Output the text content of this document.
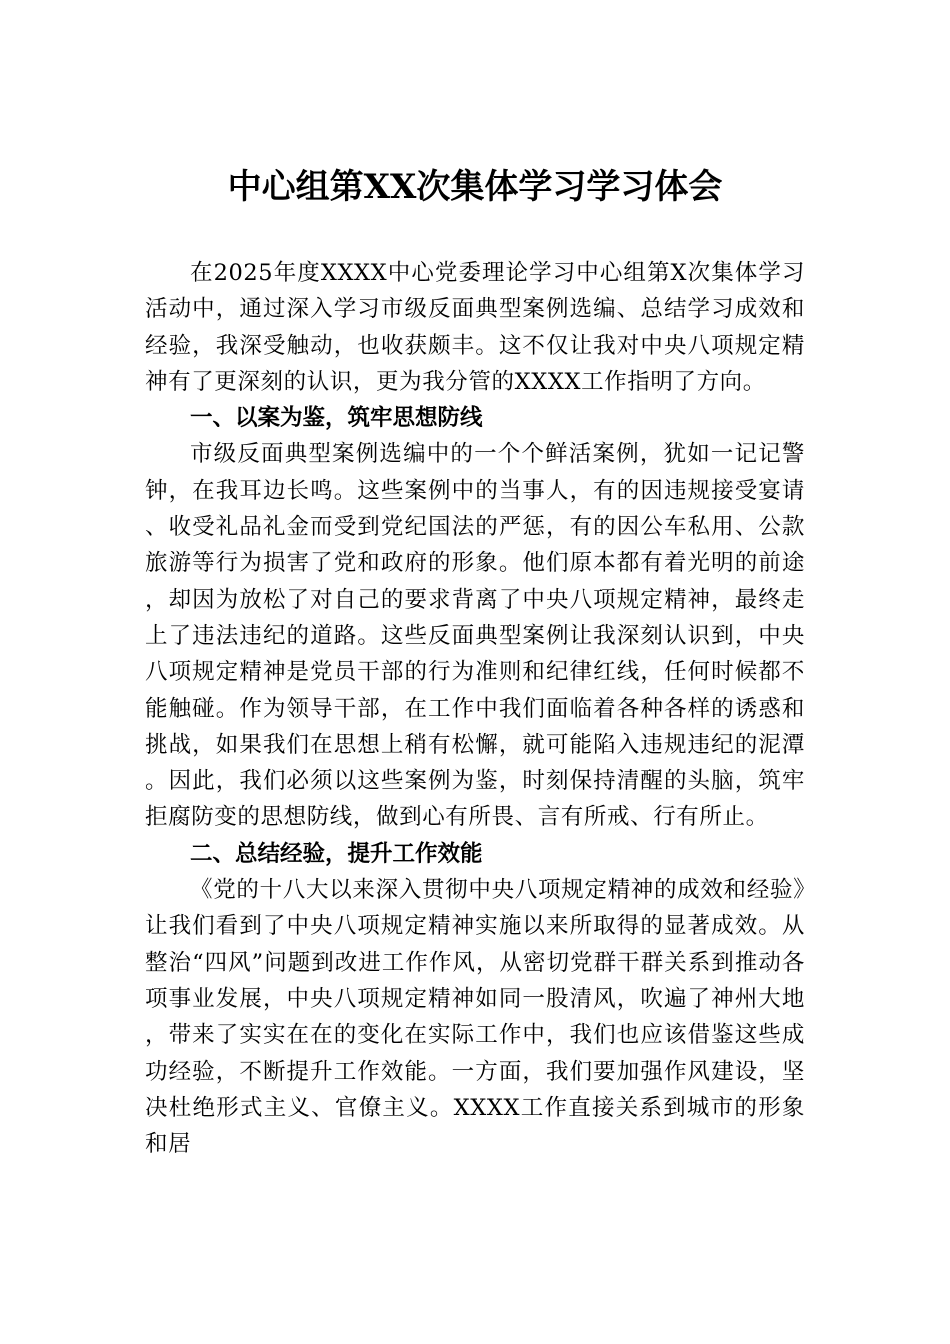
中心组第XX次集体学习学习体会

在2025年度XXXX中心党委理论学习中心组第X次集体学习活动中，通过深入学习市级反面典型案例选编、总结学习成效和经验，我深受触动，也收获颇丰。这不仅让我对中央八项规定精神有了更深刻的认识，更为我分管的XXXX工作指明了方向。

一、以案为鉴，筑牢思想防线

市级反面典型案例选编中的一个个鲜活案例，犹如一记记警钟，在我耳边长鸣。这些案例中的当事人，有的因违规接受宴请、收受礼品礼金而受到党纪国法的严惩，有的因公车私用、公款旅游等行为损害了党和政府的形象。他们原本都有着光明的前途，却因为放松了对自己的要求背离了中央八项规定精神，最终走上了违法违纪的道路。这些反面典型案例让我深刻认识到，中央八项规定精神是党员干部的行为准则和纪律红线，任何时候都不能触碰。作为领导干部，在工作中我们面临着各种各样的诱惑和挑战，如果我们在思想上稍有松懈，就可能陷入违规违纪的泥潭。因此，我们必须以这些案例为鉴，时刻保持清醒的头脑，筑牢拒腐防变的思想防线，做到心有所畏、言有所戒、行有所止。

二、总结经验，提升工作效能

《党的十八大以来深入贯彻中央八项规定精神的成效和经验》让我们看到了中央八项规定精神实施以来所取得的显著成效。从整治“四风”问题到改进工作作风，从密切党群干群关系到推动各项事业发展，中央八项规定精神如同一股清风，吹遍了神州大地，带来了实实在在的变化在实际工作中，我们也应该借鉴这些成功经验，不断提升工作效能。一方面，我们要加强作风建设，坚决杜绝形式主义、官僚主义。XXXX工作直接关系到城市的形象和居
